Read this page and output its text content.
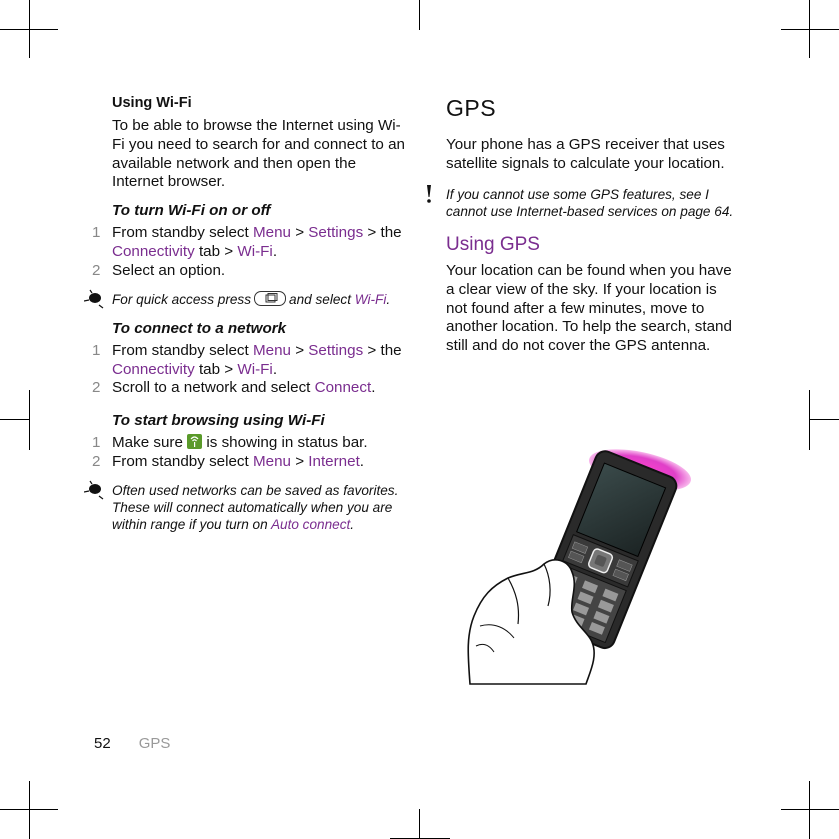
Using Wi-Fi

To be able to browse the Internet using Wi-Fi you need to search for and connect to an available network and then open the Internet browser.

To turn Wi-Fi on or off
1 From standby select Menu > Settings > the Connectivity tab > Wi-Fi.
2 Select an option.
For quick access press	and select Wi-Fi.
To connect to a network
1 From standby select Menu > Settings > the Connectivity tab > Wi-Fi.
2 Scroll to a network and select Connect.
To start browsing using Wi-Fi
1 Make sure is showing in status bar.
2 From standby select Menu > Internet.
Often used networks can be saved as favorites. These will connect automatically when you are within range if you turn on Auto connect.
GPS

Your phone has a GPS receiver that uses satellite signals to calculate your location.

If you cannot use some GPS features, see I cannot use Internet-based services on page 64.
Using GPS

Your location can be found when you have a clear view of the sky. If your location is not found after a few minutes, move to another location. To help the search, stand still and do not cover the GPS antenna.

52 GPS
